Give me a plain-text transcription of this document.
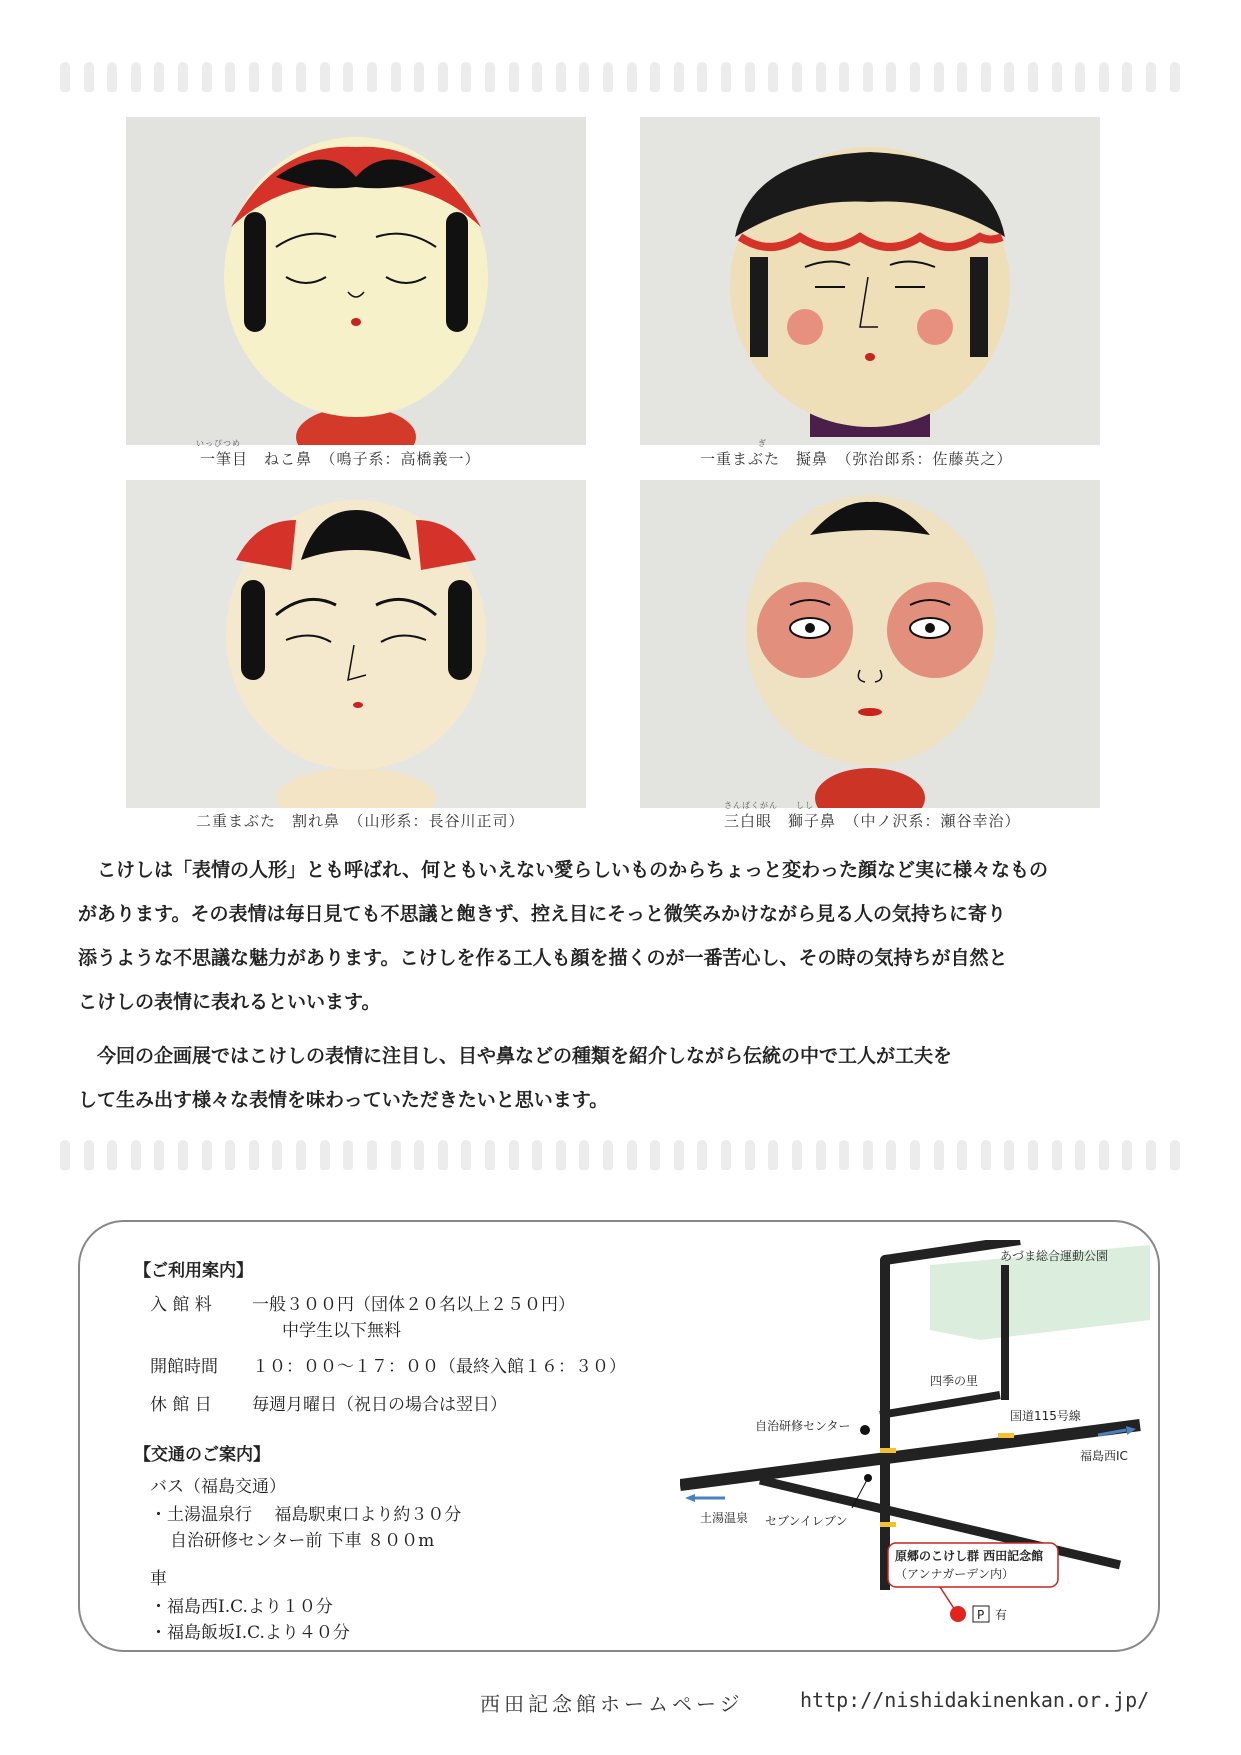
いっぴつめ
一筆目　ねこ鼻　（鳴子系：高橋義一）
ぎ
一重まぶた　擬鼻　（弥治郎系：佐藤英之）
二重まぶた　割れ鼻　（山形系：長谷川正司）
さんぱくがん　　しし
三白眼　獅子鼻　（中ノ沢系：瀬谷幸治）

　こけしは「表情の人形」とも呼ばれ、何ともいえない愛らしいものからちょっと変わった顔など実に様々なもの

があります。その表情は毎日見ても不思議と飽きず、控え目にそっと微笑みかけながら見る人の気持ちに寄り

添うような不思議な魅力があります。こけしを作る工人も顔を描くのが一番苦心し、その時の気持ちが自然と

こけしの表情に表れるといいます。

　今回の企画展ではこけしの表情に注目し、目や鼻などの種類を紹介しながら伝統の中で工人が工夫を

して生み出す様々な表情を味わっていただきたいと思います。

【ご利用案内】
入 館 料 一般３００円（団体２０名以上２５０円）
中学生以下無料
開館時間 １０：００～１７：００（最終入館１６：３０）
休 館 日 毎週月曜日（祝日の場合は翌日）
【交通のご案内】
バス（福島交通）
・土湯温泉行　 福島駅東口より約３０分
自治研修センター前 下車 ８００m
車
・福島西I.C.より１０分
・福島飯坂I.C.より４０分
あづま総合運動公園
四季の里
自治研修センター
国道115号線
福島西IC
土湯温泉 セブンイレブン
原郷のこけし群 西田記念館
（アンナガーデン内）
P 有
西田記念館ホームページ	http://nishidakinenkan.or.jp/
